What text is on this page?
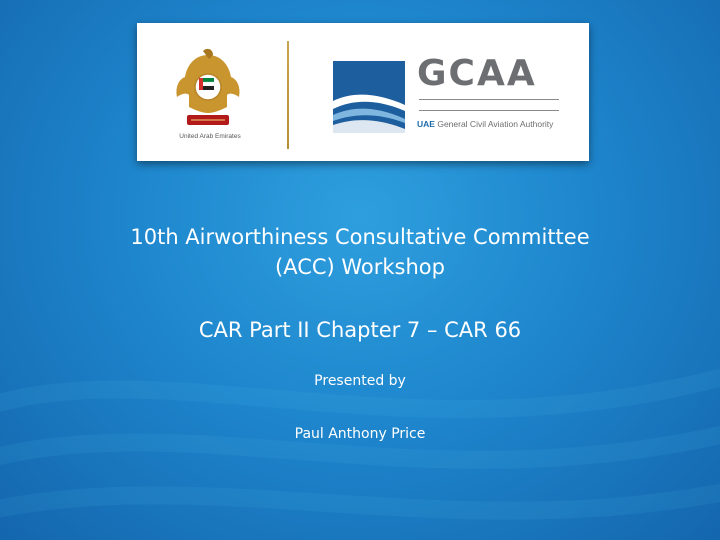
United Arab Emirates
GCAA
UAE General Civil Aviation Authority
10th Airworthiness Consultative Committee
(ACC) Workshop
CAR Part II Chapter 7 – CAR 66
Presented by
Paul Anthony Price
